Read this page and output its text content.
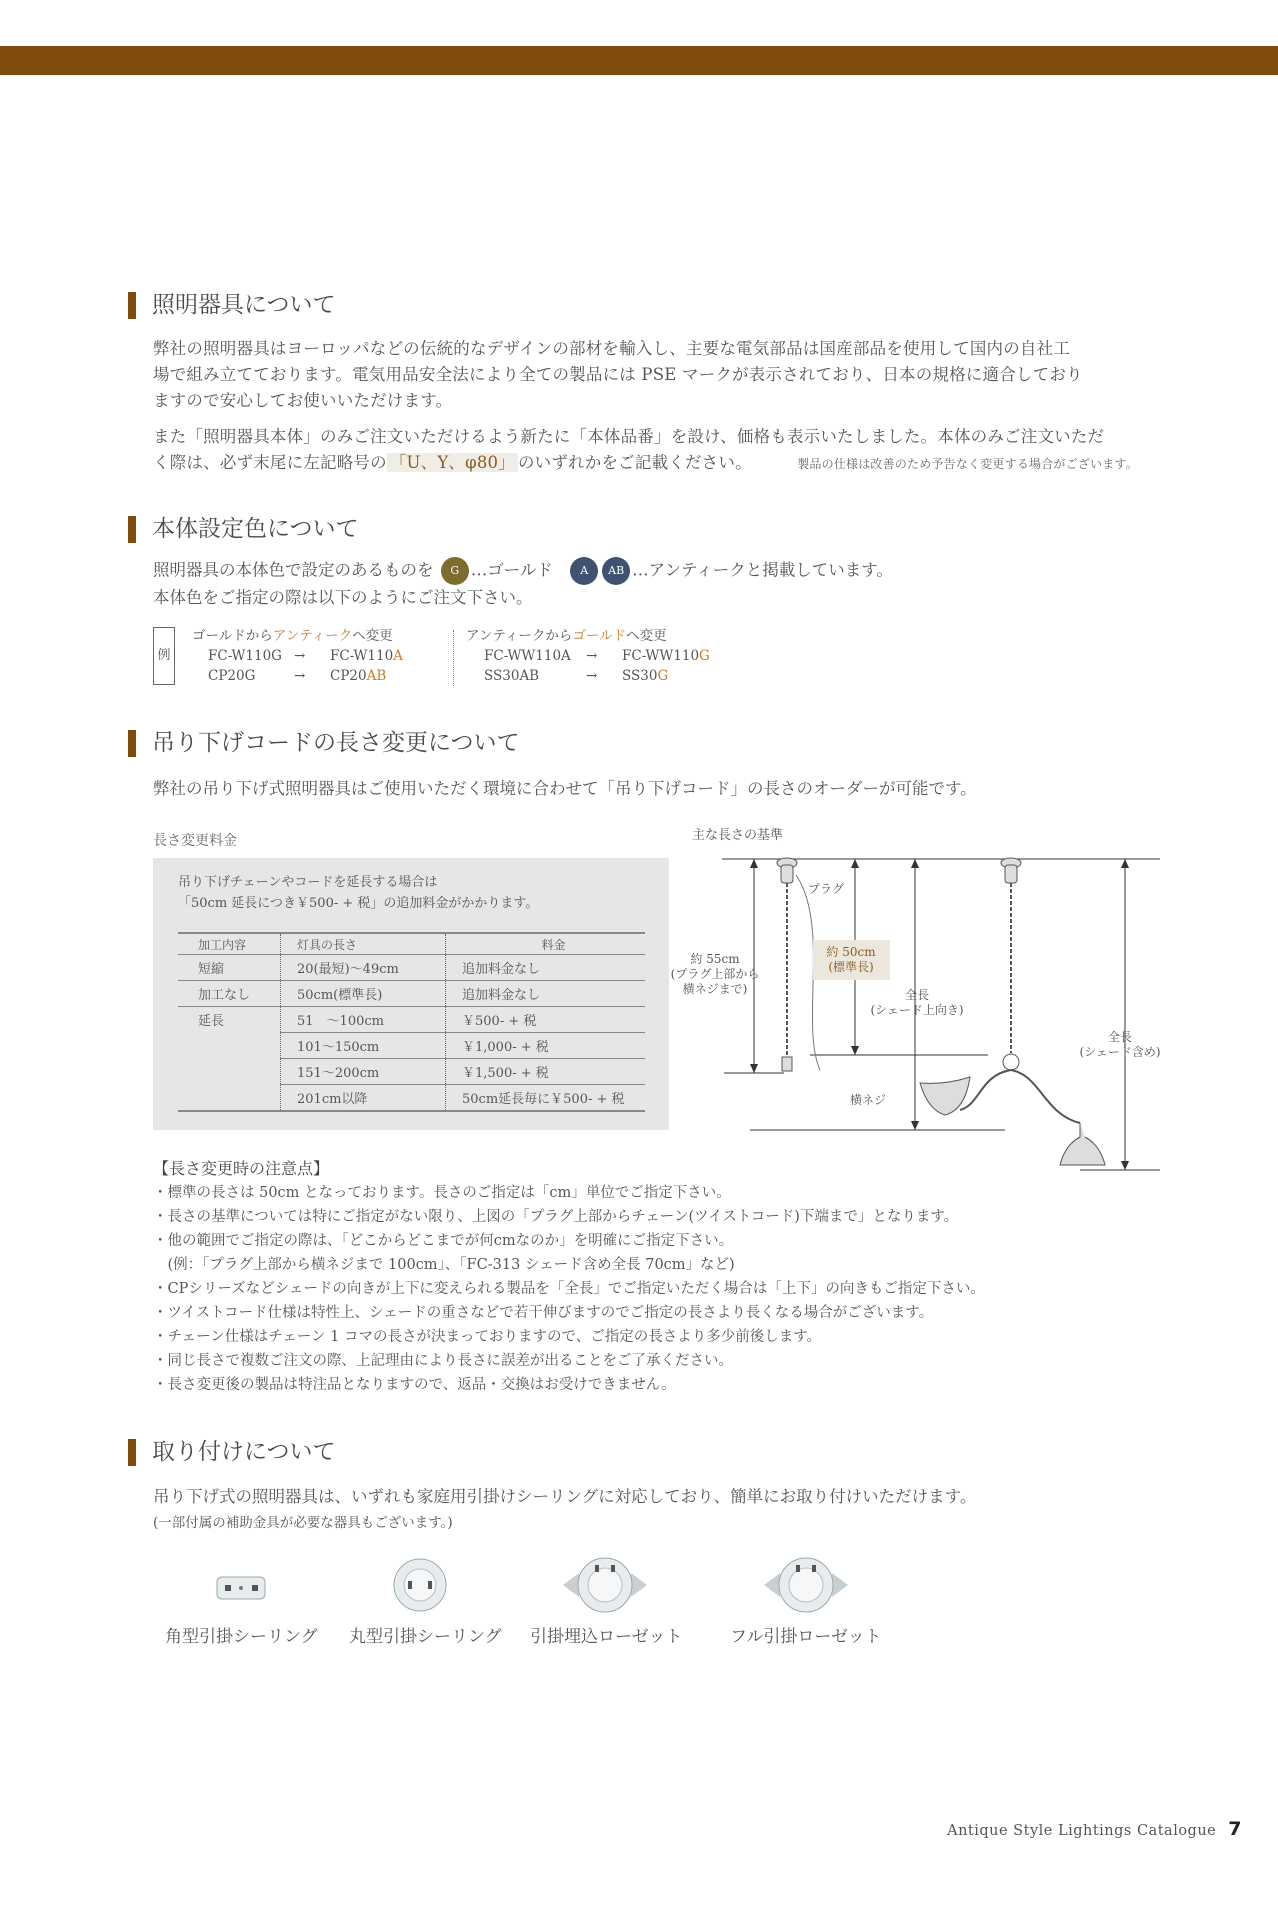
照明器具について
弊社の照明器具はヨーロッパなどの伝統的なデザインの部材を輸入し、主要な電気部品は国産部品を使用して国内の自社工
場で組み立てております。電気用品安全法により全ての製品には PSE マークが表示されており、日本の規格に適合しており
ますので安心してお使いいただけます。
また「照明器具本体」のみご注文いただけるよう新たに「本体品番」を設け、価格も表示いたしました。本体のみご注文いただ
く際は、必ず末尾に左記略号の 「U、Y、φ80」 のいずれかをご記載ください。	製品の仕様は改善のため予告なく変更する場合がございます。
本体設定色について
照明器具の本体色で設定のあるものを G …ゴールド A AB …アンティークと掲載しています。
本体色をご指定の際は以下のようにご注文下さい。
例
ゴールドからアンティークへ変更
FC-W110G → FC-W110A
CP20G	→ CP20AB
アンティークからゴールドへ変更
FC-WW110A → FC-WW110G
SS30AB	→ SS30G
吊り下げコードの長さ変更について
弊社の吊り下げ式照明器具はご使用いただく環境に合わせて「吊り下げコード」の長さのオーダーが可能です。
長さ変更料金
吊り下げチェーンやコードを延長する場合は
「50cm 延長につき￥500- + 税」の追加料金がかかります。
加工内容	灯具の長さ	料金
短縮	20(最短)～49cm	追加料金なし
加工なし	50cm(標準長)	追加料金なし
延長	51　～100cm	￥500- + 税
	101～150cm	￥1,000- + 税
	151～200cm	￥1,500- + 税
	201cm以降	50cm延長毎に￥500- + 税
主な長さの基準
プラグ
約 55cm
(プラグ上部から
横ネジまで)
約 50cm
(標準長)
全長
(シェード上向き)
全長
(シェード含め)
横ネジ
【長さ変更時の注意点】
・標準の長さは 50cm となっております。長さのご指定は「cm」単位でご指定下さい。
・長さの基準については特にご指定がない限り、上図の「プラグ上部からチェーン(ツイストコード)下端まで」となります。
・他の範囲でご指定の際は、「どこからどこまでが何cmなのか」を明確にご指定下さい。
　(例：「プラグ上部から横ネジまで 100cm」、「FC-313 シェード含め全長 70cm」など)
・CPシリーズなどシェードの向きが上下に変えられる製品を「全長」でご指定いただく場合は「上下」の向きもご指定下さい。
・ツイストコード仕様は特性上、シェードの重さなどで若干伸びますのでご指定の長さより長くなる場合がございます。
・チェーン仕様はチェーン 1 コマの長さが決まっておりますので、ご指定の長さより多少前後します。
・同じ長さで複数ご注文の際、上記理由により長さに誤差が出ることをご了承ください。
・長さ変更後の製品は特注品となりますので、返品・交換はお受けできません。
取り付けについて
吊り下げ式の照明器具は、いずれも家庭用引掛けシーリングに対応しており、簡単にお取り付けいただけます。
(一部付属の補助金具が必要な器具もございます。)
角型引掛シーリング 丸型引掛シーリング 引掛埋込ローゼット	フル引掛ローゼット
Antique Style Lightings Catalogue 7
